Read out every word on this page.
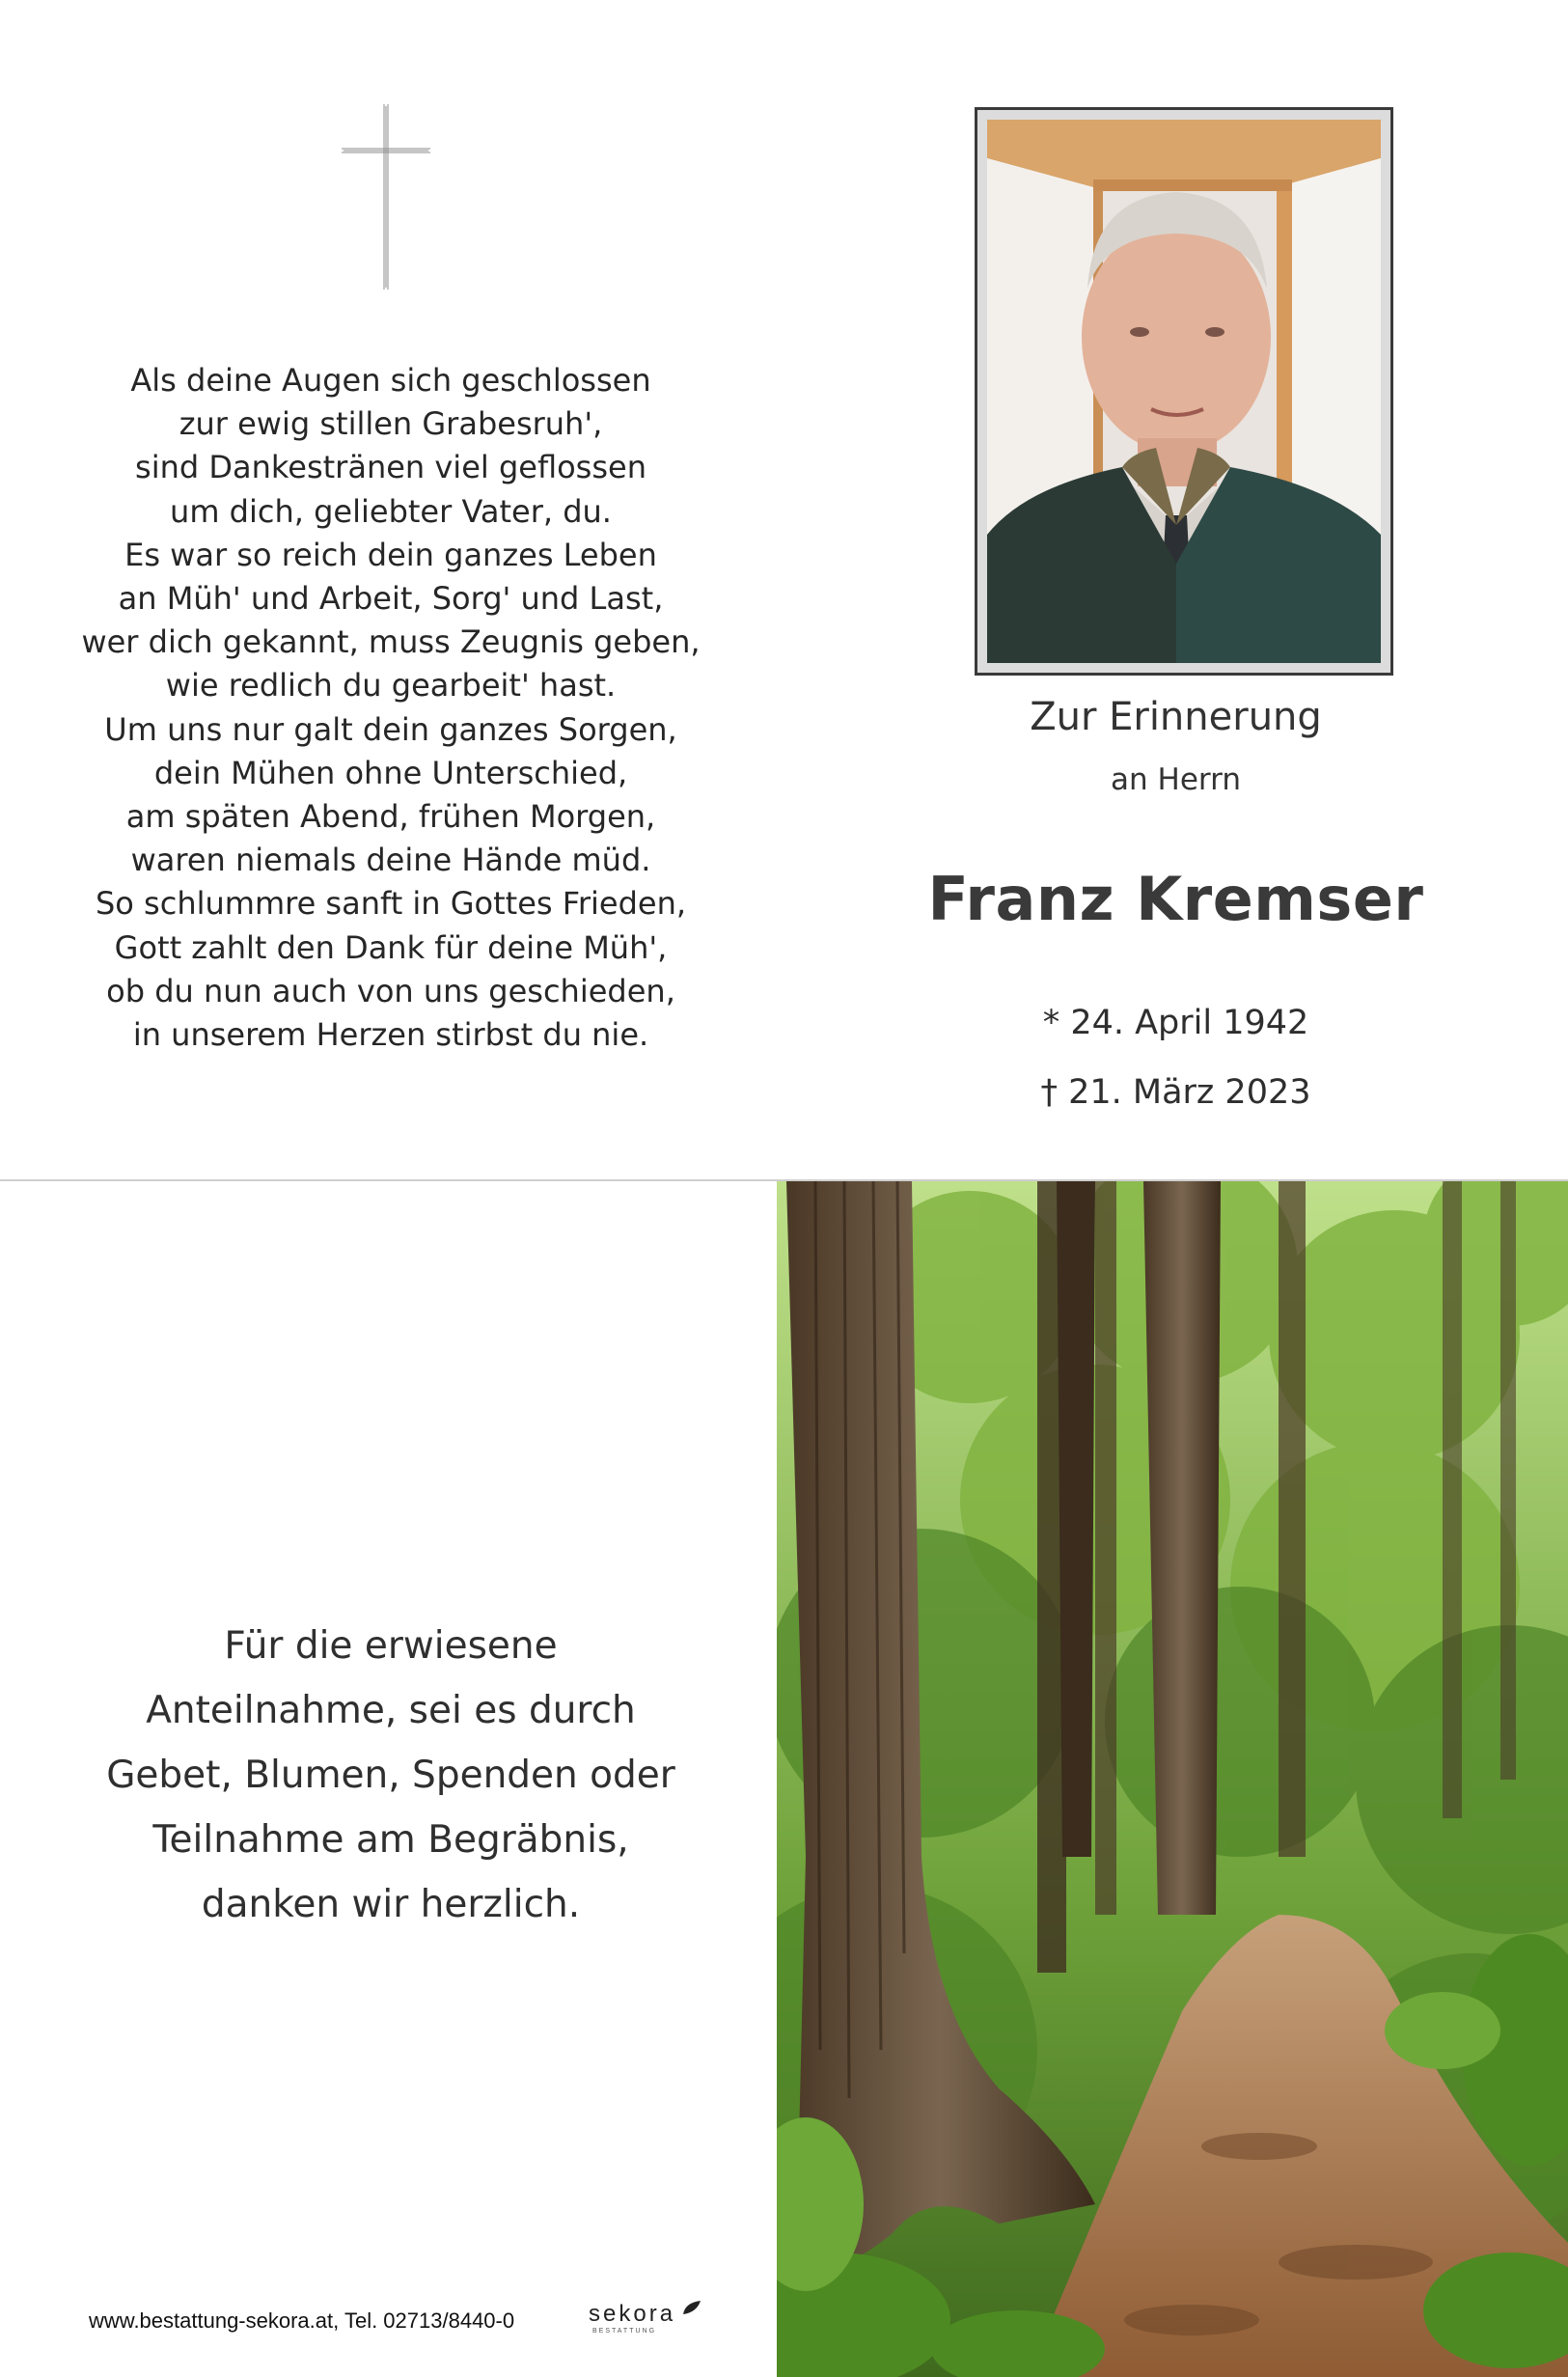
Als deine Augen sich geschlossen
zur ewig stillen Grabesruh',
sind Dankestränen viel geflossen
um dich, geliebter Vater, du.
Es war so reich dein ganzes Leben
an Müh' und Arbeit, Sorg' und Last,
wer dich gekannt, muss Zeugnis geben,
wie redlich du gearbeit' hast.
Um uns nur galt dein ganzes Sorgen,
dein Mühen ohne Unterschied,
am späten Abend, frühen Morgen,
waren niemals deine Hände müd.
So schlummre sanft in Gottes Frieden,
Gott zahlt den Dank für deine Müh',
ob du nun auch von uns geschieden,
in unserem Herzen stirbst du nie.
Zur Erinnerung
an Herrn
Franz Kremser
* 24. April 1942
† 21. März 2023
Für die erwiesene
Anteilnahme, sei es durch
Gebet, Blumen, Spenden oder
Teilnahme am Begräbnis,
danken wir herzlich.
www.bestattung-sekora.at, Tel. 02713/8440-0	sekora
BESTATTUNG
